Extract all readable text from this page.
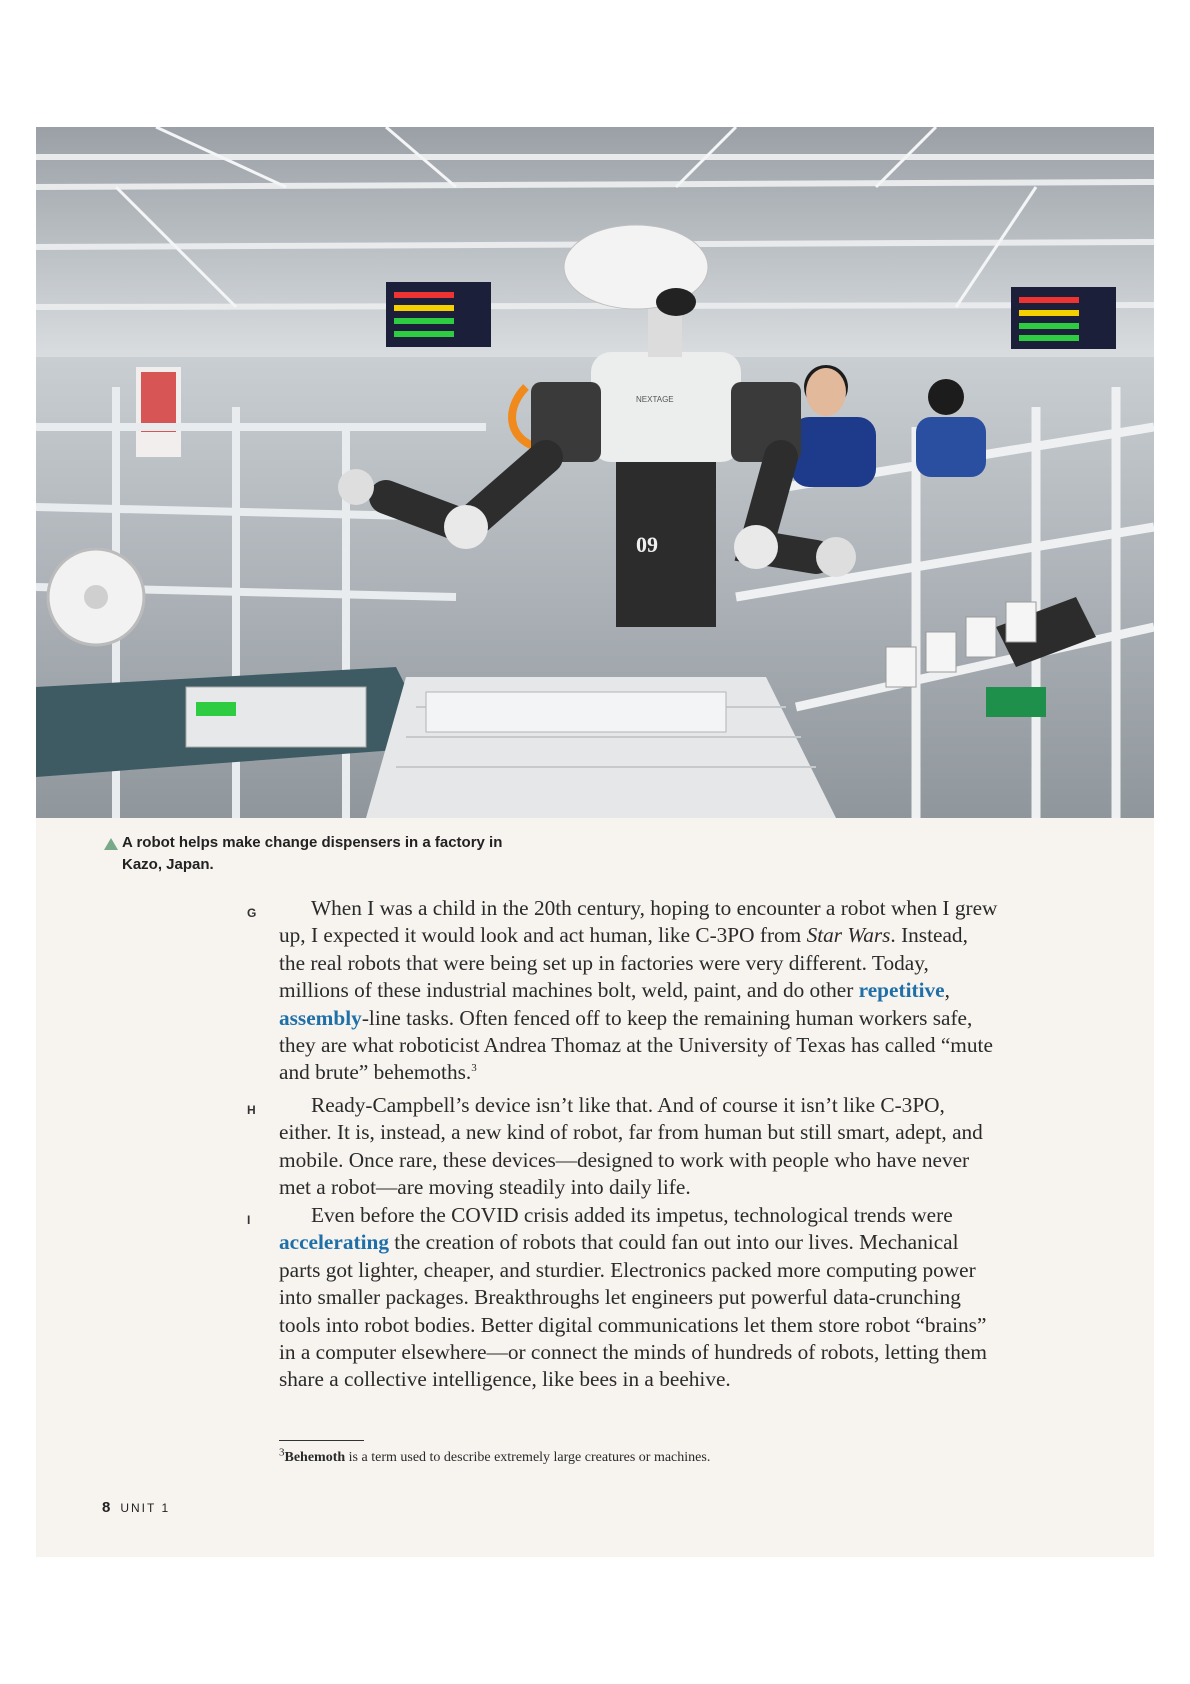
09
NEXTAGE
A robot helps make change dispensers in a factory in Kazo, Japan.
G	When I was a child in the 20th century, hoping to encounter a robot when I grew up, I expected it would look and act human, like C-3PO from Star Wars. Instead, the real robots that were being set up in factories were very different. Today, millions of these industrial machines bolt, weld, paint, and do other repetitive, assembly-line tasks. Often fenced off to keep the remaining human workers safe, they are what roboticist Andrea Thomaz at the University of Texas has called “mute and brute” behemoths.$^3$

H	Ready-Campbell’s device isn’t like that. And of course it isn’t like C-3PO, either. It is, instead, a new kind of robot, far from human but still smart, adept, and mobile. Once rare, these devices—designed to work with people who have never met a robot—are moving steadily into daily life.

I	Even before the COVID crisis added its impetus, technological trends were accelerating the creation of robots that could fan out into our lives. Mechanical parts got lighter, cheaper, and sturdier. Electronics packed more computing power into smaller packages. Breakthroughs let engineers put powerful data-crunching tools into robot bodies. Better digital communications let them store robot “brains” in a computer elsewhere—or connect the minds of hundreds of robots, letting them share a collective intelligence, like bees in a beehive.

$^3$Behemoth is a term used to describe extremely large creatures or machines.
8 UNIT 1
